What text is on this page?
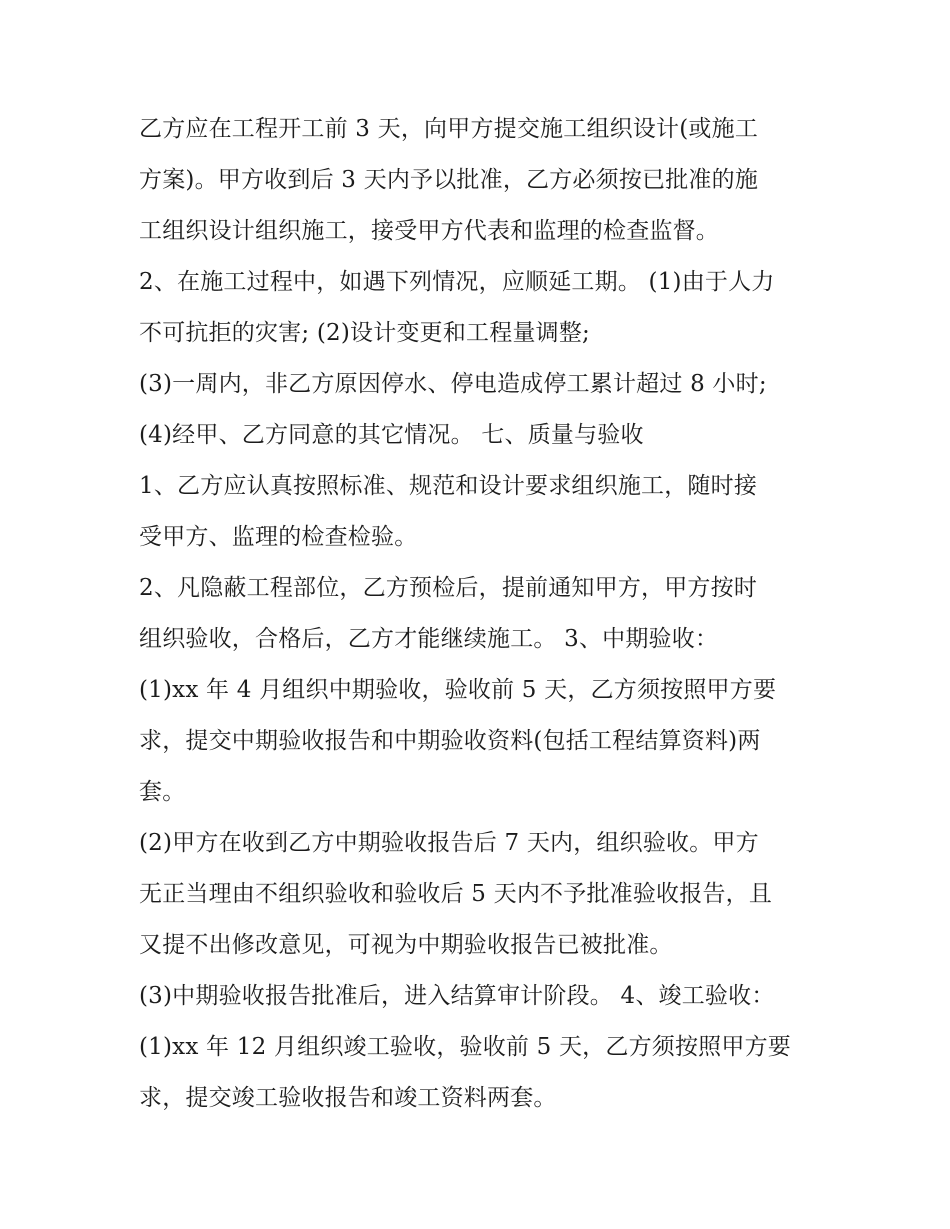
乙方应在工程开工前 3 天，向甲方提交施工组织设计(或施工
方案)。甲方收到后 3 天内予以批准，乙方必须按已批准的施
工组织设计组织施工，接受甲方代表和监理的检查监督。
2、在施工过程中，如遇下列情况，应顺延工期。 (1)由于人力
不可抗拒的灾害; (2)设计变更和工程量调整;
(3)一周内，非乙方原因停水、停电造成停工累计超过 8 小时;
(4)经甲、乙方同意的其它情况。 七、质量与验收
1、乙方应认真按照标准、规范和设计要求组织施工，随时接
受甲方、监理的检查检验。
2、凡隐蔽工程部位，乙方预检后，提前通知甲方，甲方按时
组织验收，合格后，乙方才能继续施工。 3、中期验收：
(1)xx 年 4 月组织中期验收，验收前 5 天，乙方须按照甲方要
求，提交中期验收报告和中期验收资料(包括工程结算资料)两
套。
(2)甲方在收到乙方中期验收报告后 7 天内，组织验收。甲方
无正当理由不组织验收和验收后 5 天内不予批准验收报告，且
又提不出修改意见，可视为中期验收报告已被批准。
(3)中期验收报告批准后，进入结算审计阶段。 4、竣工验收：
(1)xx 年 12 月组织竣工验收，验收前 5 天，乙方须按照甲方要
求，提交竣工验收报告和竣工资料两套。
